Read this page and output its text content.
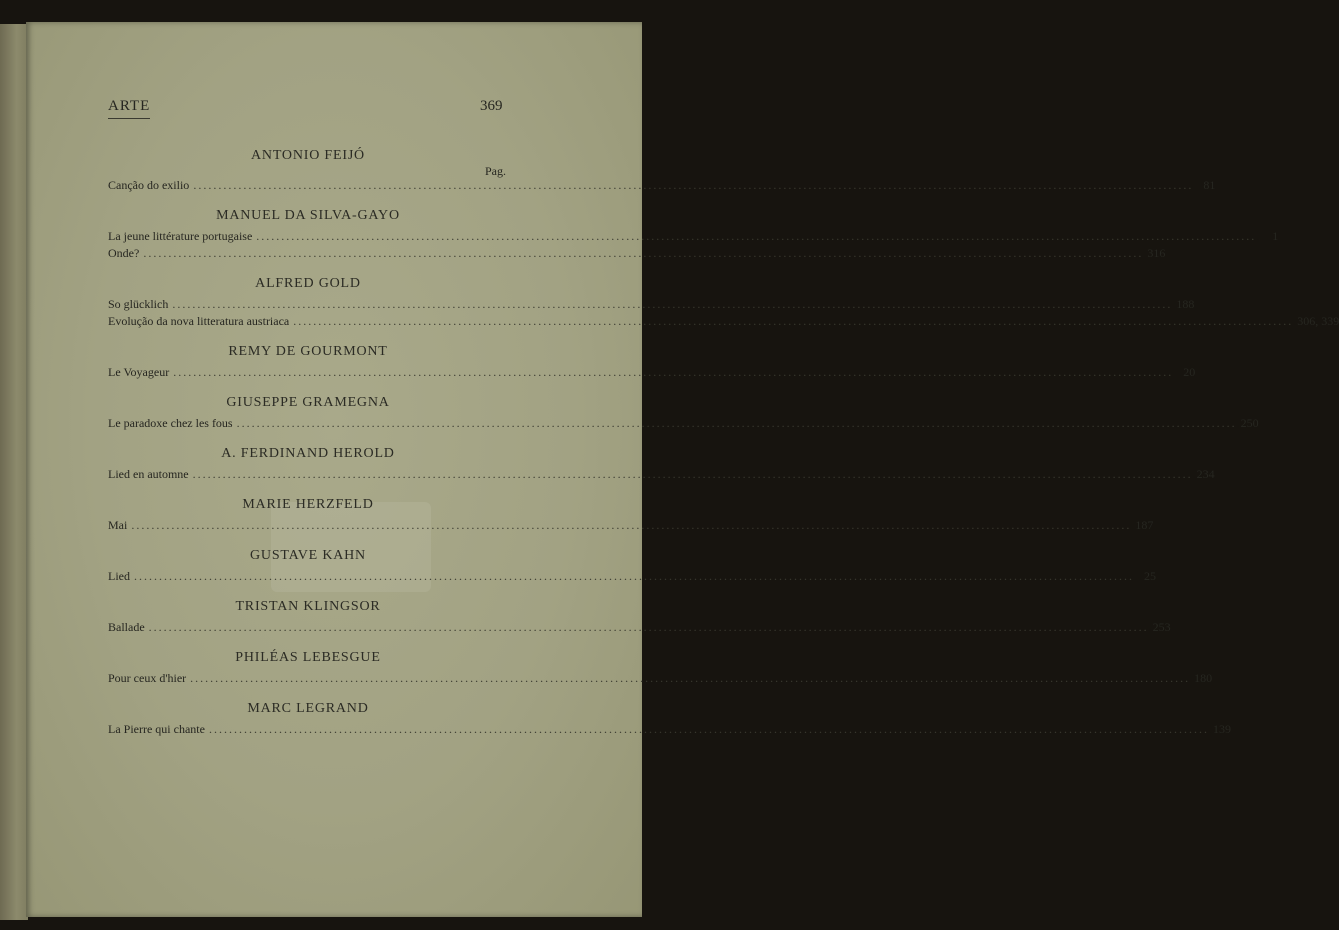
ARTE	369
ANTONIO FEIJÓ
Pag.
Canção do exilio ........................................................................................................................................................................................................ 81
MANUEL DA SILVA-GAYO
La jeune littérature portugaise ........................................................................................................................................................................................................	1
Onde? ........................................................................................................................................................................................................ 316
ALFRED GOLD
So glücklich ........................................................................................................................................................................................................ 188
Evolução da nova litteratura austriaca ........................................................................................................................................................................................................ 306, 339
REMY DE GOURMONT
Le Voyageur ........................................................................................................................................................................................................ 20
GIUSEPPE GRAMEGNA
Le paradoxe chez les fous ........................................................................................................................................................................................................ 250
A. FERDINAND HEROLD
Lied en automne ........................................................................................................................................................................................................ 234
MARIE HERZFELD
Mai ........................................................................................................................................................................................................ 187
GUSTAVE KAHN
Lied ........................................................................................................................................................................................................ 25
TRISTAN KLINGSOR
Ballade ........................................................................................................................................................................................................ 253
PHILÉAS LEBESGUE
Pour ceux d'hier ........................................................................................................................................................................................................ 180
MARC LEGRAND
La Pierre qui chante ........................................................................................................................................................................................................ 139
